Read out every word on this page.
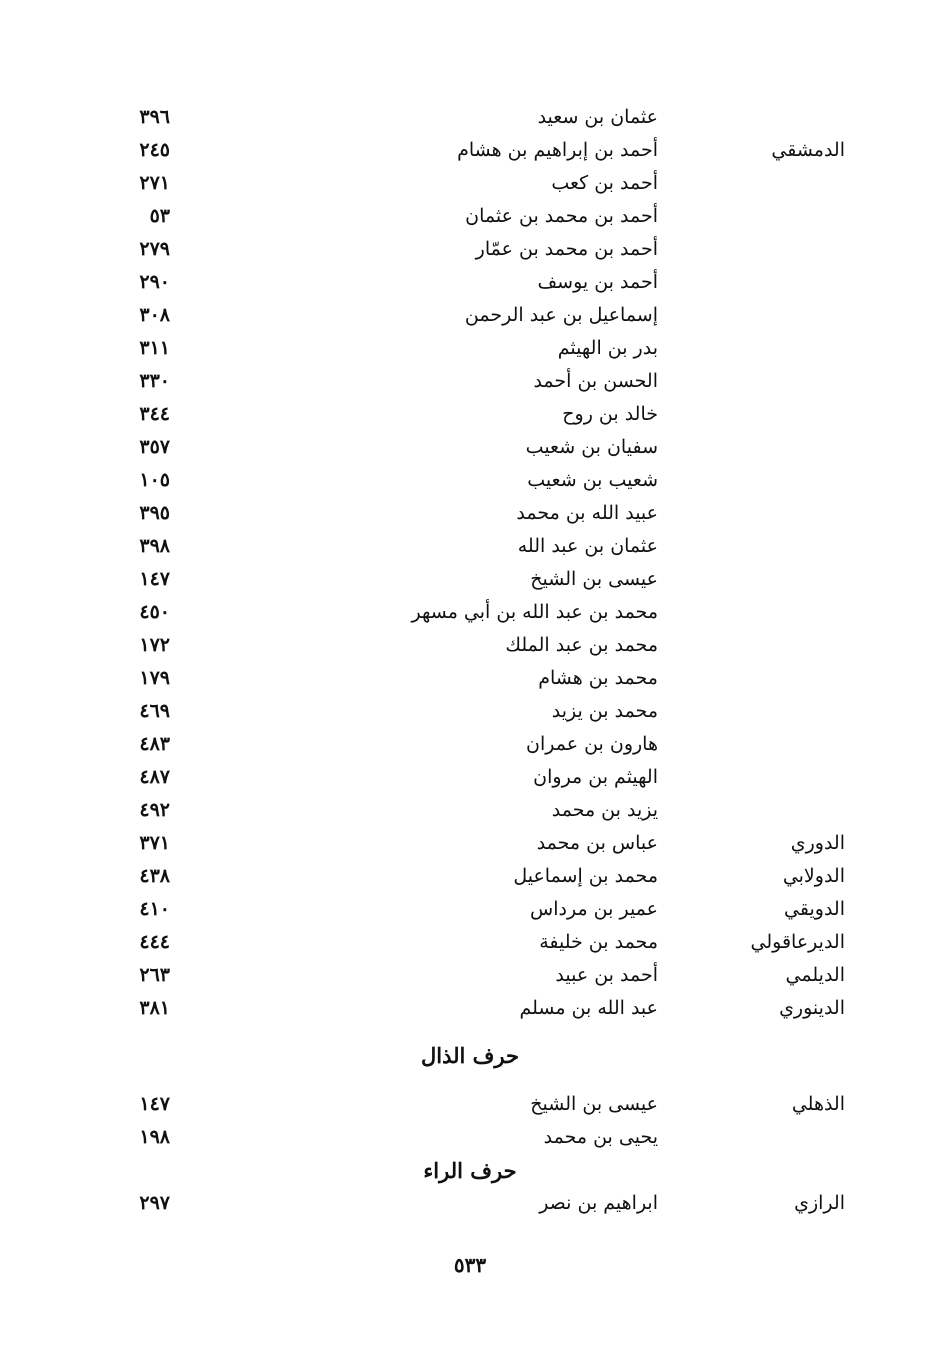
عثمان بن سعيد
٣٩٦
الدمشقي
أحمد بن إبراهيم بن هشام
٢٤٥
أحمد بن كعب
٢٧١
أحمد بن محمد بن عثمان
٥٣
أحمد بن محمد بن عمّار
٢٧٩
أحمد بن يوسف
٢٩٠
إسماعيل بن عبد الرحمن
٣٠٨
بدر بن الهيثم
٣١١
الحسن بن أحمد
٣٣٠
خالد بن روح
٣٤٤
سفيان بن شعيب
٣٥٧
شعيب بن شعيب
١٠٥
عبيد الله بن محمد
٣٩٥
عثمان بن عبد الله
٣٩٨
عيسى بن الشيخ
١٤٧
محمد بن عبد الله بن أبي مسهر
٤٥٠
محمد بن عبد الملك
١٧٢
محمد بن هشام
١٧٩
محمد بن يزيد
٤٦٩
هارون بن عمران
٤٨٣
الهيثم بن مروان
٤٨٧
يزيد بن محمد
٤٩٢
الدوري
عباس بن محمد
٣٧١
الدولابي
محمد بن إسماعيل
٤٣٨
الدويقي
عمير بن مرداس
٤١٠
الديرعاقولي
محمد بن خليفة
٤٤٤
الديلمي
أحمد بن عبيد
٢٦٣
الدينوري
عبد الله بن مسلم
٣٨١
حرف الذال
الذهلي
عيسى بن الشيخ
١٤٧
يحيى بن محمد
١٩٨
حرف الراء
الرازي
ابراهيم بن نصر
٢٩٧
٥٣٣
